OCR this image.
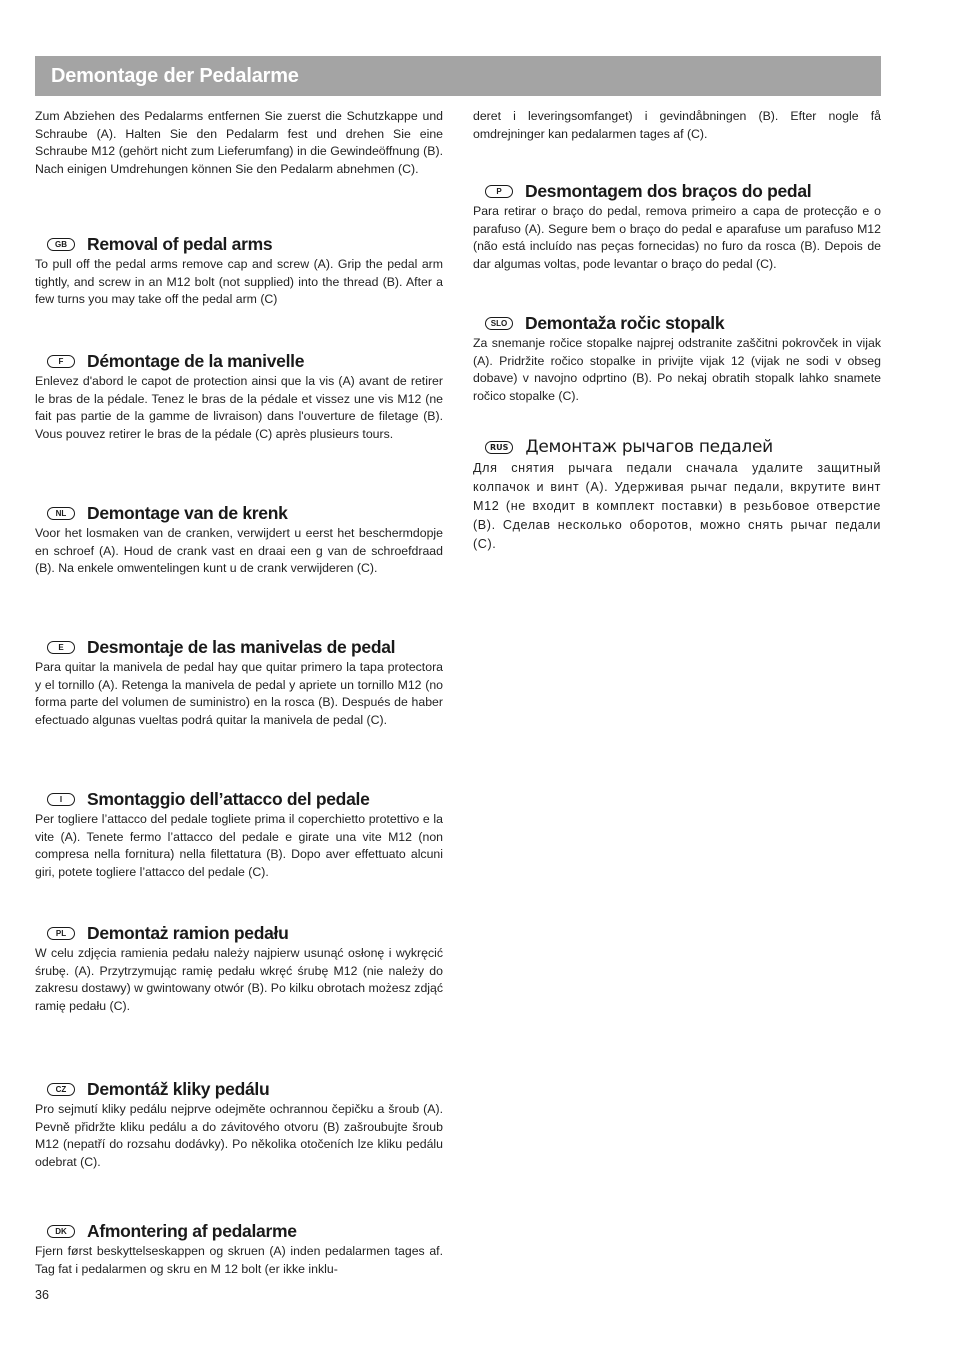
Demontage der Pedalarme

Zum Abziehen des Pedalarms entfernen Sie zuerst die Schutzkappe und Schraube (A). Halten Sie den Pedalarm fest und drehen Sie eine Schraube M12 (gehört nicht zum Lieferumfang) in die Gewindeöffnung (B). Nach einigen Umdrehungen können Sie den Pedalarm abnehmen (C).

GB	Removal of pedal arms

To pull off the pedal arms remove cap and screw (A). Grip the pedal arm tightly, and screw in an M12 bolt (not supplied) into the thread (B). After a few turns you may take off the pedal arm (C)

F	Démontage de la manivelle

Enlevez d'abord le capot de protection ainsi que la vis (A) avant de retirer le bras de la pédale. Tenez le bras de la pédale et vissez une vis M12 (ne fait pas partie de la gamme de livraison) dans l'ouverture de filetage (B). Vous pouvez retirer le bras de la pédale (C) après plusieurs tours.

NL	Demontage van de krenk

Voor het losmaken van de cranken, verwijdert u eerst het beschermdopje en schroef (A). Houd de crank vast en draai een g van de schroefdraad (B). Na enkele omwentelingen kunt u de crank verwijderen (C).

E	Desmontaje de las manivelas de pedal

Para quitar la manivela de pedal hay que quitar primero la tapa protectora y el tornillo (A). Retenga la manivela de pedal y apriete un tornillo M12 (no forma parte del volumen de suministro) en la rosca (B). Después de haber efectuado algunas vueltas podrá quitar la manivela de pedal (C).

I	Smontaggio dell’attacco del pedale

Per togliere l’attacco del pedale togliete prima il coperchietto protettivo e la vite (A). Tenete fermo l’attacco del pedale e girate una vite M12 (non compresa nella fornitura) nella filettatura (B). Dopo aver effettuato alcuni giri, potete togliere l’attacco del pedale (C).

PL	Demontaż ramion pedału

W celu zdjęcia ramienia pedału należy najpierw usunąć osłonę i wykręcić śrubę. (A). Przytrzymując ramię pedału wkręć śrubę M12 (nie należy do zakresu dostawy) w gwintowany otwór (B). Po kilku obrotach możesz zdjąć ramię pedału (C).

CZ	Demontáž kliky pedálu

Pro sejmutí kliky pedálu nejprve odejměte ochrannou čepičku a šroub (A). Pevně přidržte kliku pedálu a do závitového otvoru (B) zašroubujte šroub M12 (nepatří do rozsahu dodávky). Po několika otočeních lze kliku pedálu odebrat (C).

DK	Afmontering af pedalarme

Fjern først beskyttelseskappen og skruen (A) inden pedalarmen tages af. Tag fat i pedalarmen og skru en M 12 bolt (er ikke inklu-

deret i leveringsomfanget) i gevindåbningen (B). Efter nogle få omdrejninger kan pedalarmen tages af (C).

P	Desmontagem dos braços do pedal

Para retirar o braço do pedal, remova primeiro a capa de protecção e o parafuso (A). Segure bem o braço do pedal e aparafuse um parafuso M12 (não está incluído nas peças fornecidas) no furo da rosca (B). Depois de dar algumas voltas, pode levantar o braço do pedal (C).

SLO	Demontaža ročic stopalk

Za snemanje ročice stopalke najprej odstranite zaščitni pokrovček in vijak (A). Pridržite ročico stopalke in privijte vijak 12 (vijak ne sodi v obseg dobave) v navojno odprtino (B). Po nekaj obratih stopalk lahko snamete ročico stopalke (C).

RUS Демонтаж рычагов педалей

Для снятия рычага педали сначала удалите защитный колпачок и винт (A). Удерживая рычаг педали, вкрутите винт M12 (не входит в комплект поставки) в резьбовое отверстие (B). Сделав несколько оборотов, можно снять рычаг педали (C).

36
